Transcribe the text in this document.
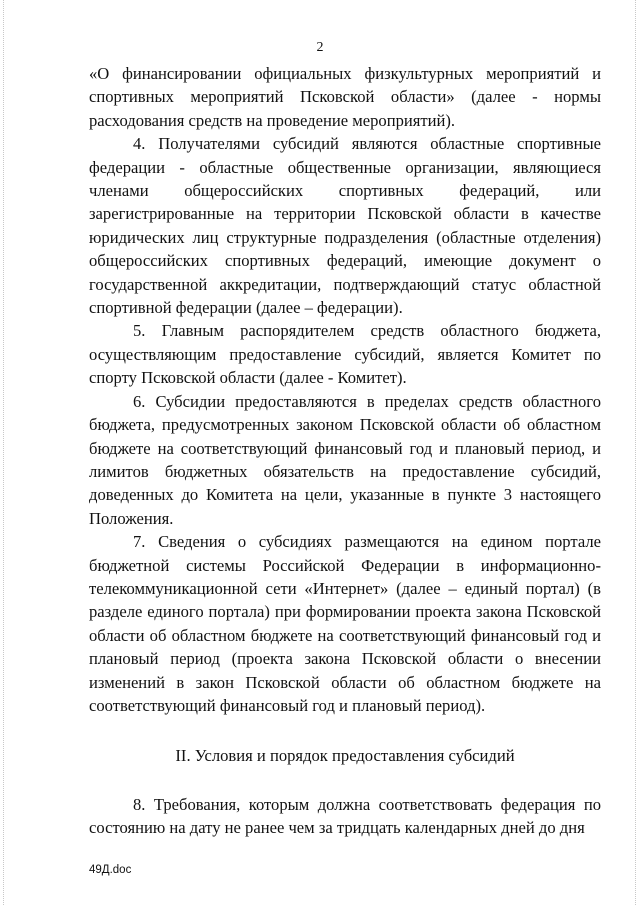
2

«О финансировании официальных физкультурных мероприятий и спортивных мероприятий Псковской области» (далее - нормы расходования средств на проведение мероприятий).

4. Получателями субсидий являются областные спортивные федерации - областные общественные организации, являющиеся членами общероссийских спортивных федераций, или зарегистрированные на территории Псковской области в качестве юридических лиц структурные подразделения (областные отделения) общероссийских спортивных федераций, имеющие документ о государственной аккредитации, подтверждающий статус областной спортивной федерации (далее – федерации).

5. Главным распорядителем средств областного бюджета, осуществляющим предоставление субсидий, является Комитет по спорту Псковской области (далее - Комитет).

6. Субсидии предоставляются в пределах средств областного бюджета, предусмотренных законом Псковской области об областном бюджете на соответствующий финансовый год и плановый период, и лимитов бюджетных обязательств на предоставление субсидий, доведенных до Комитета на цели, указанные в пункте 3 настоящего Положения.

7. Сведения о субсидиях размещаются на едином портале бюджетной системы Российской Федерации в информационно-телекоммуникационной сети «Интернет» (далее – единый портал) (в разделе единого портала) при формировании проекта закона Псковской области об областном бюджете на соответствующий финансовый год и плановый период (проекта закона Псковской области о внесении изменений в закон Псковской области об областном бюджете на соответствующий финансовый год и плановый период).

II. Условия и порядок предоставления субсидий

8. Требования, которым должна соответствовать федерация по состоянию на дату не ранее чем за тридцать календарных дней до дня

49Д.doc
